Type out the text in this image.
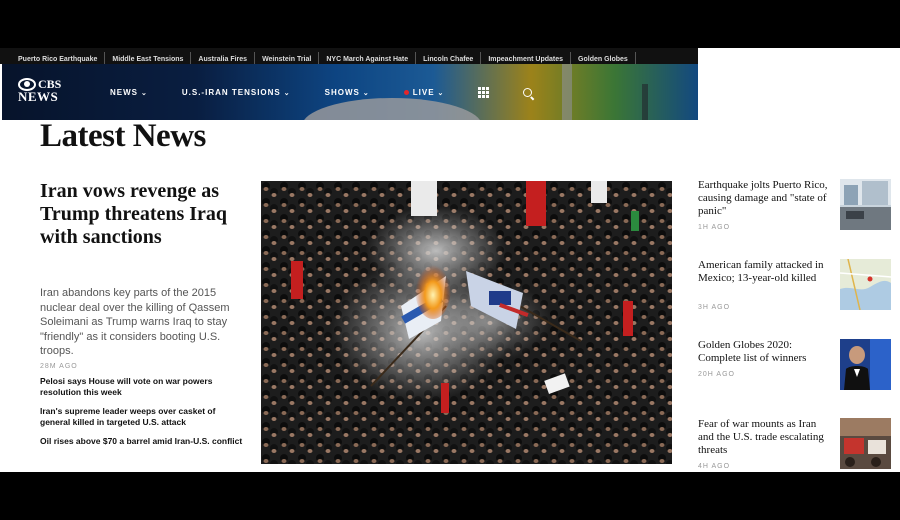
Puerto Rico Earthquake Middle East Tensions Australia Fires Weinstein Trial NYC March Against Hate Lincoln Chafee Impeachment Updates Golden Globes
CBS
NEWS	NEWS ⌄	U.S.-IRAN TENSIONS ⌄	SHOWS ⌄	LIVE ⌄
Latest News
Iran vows revenge as Trump threatens Iraq with sanctions

Iran abandons key parts of the 2015 nuclear deal over the killing of Qassem Soleimani as Trump warns Iraq to stay "friendly" as it considers booting U.S. troops.

28M AGO
Pelosi says House will vote on war powers resolution this week
Iran's supreme leader weeps over casket of general killed in targeted U.S. attack
Oil rises above $70 a barrel amid Iran-U.S. conflict
Earthquake jolts Puerto Rico, causing damage and "state of panic"
1H AGO
American family attacked in Mexico; 13-year-old killed
3H AGO
Golden Globes 2020: Complete list of winners
20H AGO
Fear of war mounts as Iran and the U.S. trade escalating threats
4H AGO
